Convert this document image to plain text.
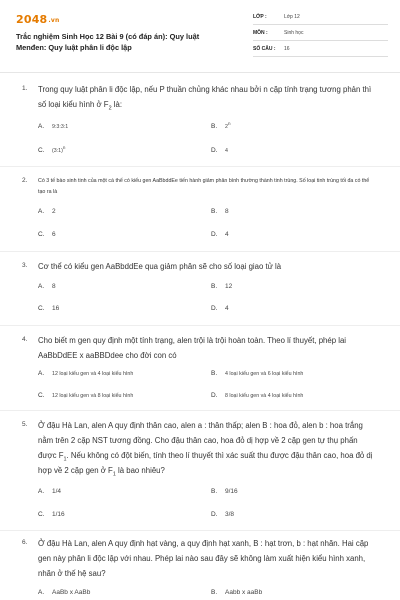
2048.vn
Trắc nghiệm Sinh Học 12 Bài 9 (có đáp án): Quy luật Menđen: Quy luật phân li độc lập
LỚP :	Lớp 12
MÔN :	Sinh học
SỐ CÂU : 16
1. Trong quy luật phân li độc lập, nếu P thuần chủng khác nhau bởi n cặp tính trạng tương phản thì số loại kiểu hình ở $F_2$ là:
A. 9:3:3:1	B. 2$^n$
C. (3:1)$^n$	D. 4
2. Có 3 tế bào sinh tinh của một cá thể có kiểu gen AaBbddEe tiến hành giảm phân bình thường thành tinh trùng. Số loại tinh trùng tối đa có thể tạo ra là
A. 2	B. 8
C. 6	D. 4
3. Cơ thể có kiểu gen AaBbddEe qua giảm phân sẽ cho số loại giao tử là
A. 8	B. 12
C. 16	D. 4
4. Cho biết m gen quy định một tính trạng, alen trội là trội hoàn toàn. Theo lí thuyết, phép lai AaBbDdEE x aaBBDdee cho đời con có
A. 12 loại kiểu gen và 4 loại kiểu hình	B. 4 loại kiểu gen và 6 loại kiểu hình
C. 12 loại kiểu gen và 8 loại kiểu hình	D. 8 loại kiểu gen và 4 loại kiểu hình
5. Ở đậu Hà Lan, alen A quy định thân cao, alen a : thân thấp; alen B : hoa đỏ, alen b : hoa trắng nằm trên 2 cặp NST tương đồng. Cho đậu thân cao, hoa đỏ dị hợp về 2 cặp gen tự thụ phấn được $F_1$. Nếu không có đột biến, tính theo lí thuyết thì xác suất thu được đậu thân cao, hoa đỏ dị hợp về 2 cặp gen ở $F_1$ là bao nhiêu?
A. 1/4	B. 9/16
C. 1/16	D. 3/8
6. Ở đậu Hà Lan, alen A quy định hạt vàng, a quy định hạt xanh, B : hạt trơn, b : hạt nhăn. Hai cặp gen này phân li độc lập với nhau. Phép lai nào sau đây sẽ không làm xuất hiện kiểu hình xanh, nhăn ở thế hệ sau?
A. AaBb x AaBb	B. Aabb x aaBb
